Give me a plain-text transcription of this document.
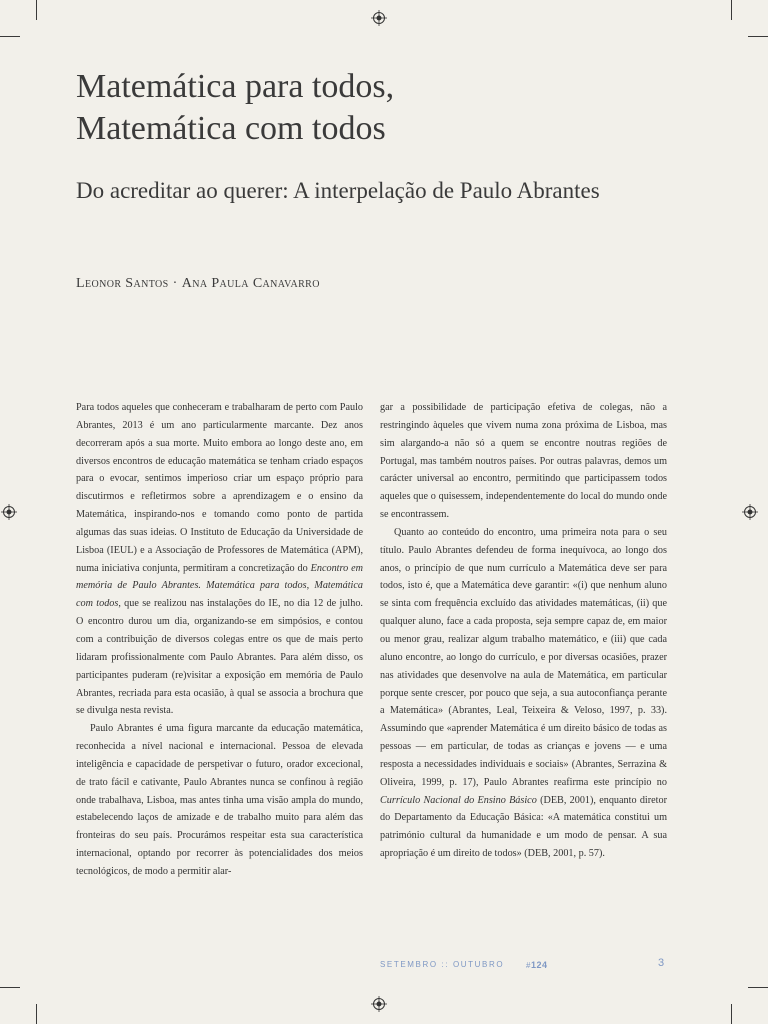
Matemática para todos,
Matemática com todos
Do acreditar ao querer: A interpelação de Paulo Abrantes
Leonor Santos · Ana Paula Canavarro

Para todos aqueles que conheceram e trabalharam de perto com Paulo Abrantes, 2013 é um ano particularmente marcante. Dez anos decorreram após a sua morte. Muito embora ao longo deste ano, em diversos encontros de educação matemática se tenham criado espaços para o evocar, sentimos imperioso criar um espaço próprio para discutirmos e refletirmos sobre a aprendizagem e o ensino da Matemática, inspirando-nos e tomando como ponto de partida algumas das suas ideias. O Instituto de Educação da Universidade de Lisboa (IEUL) e a Associação de Professores de Matemática (APM), numa iniciativa conjunta, permitiram a concretização do Encontro em memória de Paulo Abrantes. Matemática para todos, Matemática com todos, que se realizou nas instalações do IE, no dia 12 de julho. O encontro durou um dia, organizando-se em simpósios, e contou com a contribuição de diversos colegas entre os que de mais perto lidaram profissionalmente com Paulo Abrantes. Para além disso, os participantes puderam (re)visitar a exposição em memória de Paulo Abrantes, recriada para esta ocasião, à qual se associa a brochura que se divulga nesta revista.

Paulo Abrantes é uma figura marcante da educação matemática, reconhecida a nível nacional e internacional. Pessoa de elevada inteligência e capacidade de perspetivar o futuro, orador excecional, de trato fácil e cativante, Paulo Abrantes nunca se confinou à região onde trabalhava, Lisboa, mas antes tinha uma visão ampla do mundo, estabelecendo laços de amizade e de trabalho muito para além das fronteiras do seu país. Procurámos respeitar esta sua característica internacional, optando por recorrer às potencialidades dos meios tecnológicos, de modo a permitir alar-

gar a possibilidade de participação efetiva de colegas, não a restringindo àqueles que vivem numa zona próxima de Lisboa, mas sim alargando-a não só a quem se encontre noutras regiões de Portugal, mas também noutros países. Por outras palavras, demos um carácter universal ao encontro, permitindo que participassem todos aqueles que o quisessem, independentemente do local do mundo onde se encontrassem.

Quanto ao conteúdo do encontro, uma primeira nota para o seu título. Paulo Abrantes defendeu de forma inequívoca, ao longo dos anos, o princípio de que num currículo a Matemática deve ser para todos, isto é, que a Matemática deve garantir: «(i) que nenhum aluno se sinta com frequência excluído das atividades matemáticas, (ii) que qualquer aluno, face a cada proposta, seja sempre capaz de, em maior ou menor grau, realizar algum trabalho matemático, e (iii) que cada aluno encontre, ao longo do currículo, e por diversas ocasiões, prazer nas atividades que desenvolve na aula de Matemática, em particular porque sente crescer, por pouco que seja, a sua autoconfiança perante a Matemática» (Abrantes, Leal, Teixeira & Veloso, 1997, p. 33). Assumindo que «aprender Matemática é um direito básico de todas as pessoas — em particular, de todas as crianças e jovens — e uma resposta a necessidades individuais e sociais» (Abrantes, Serrazina & Oliveira, 1999, p. 17), Paulo Abrantes reafirma este princípio no Currículo Nacional do Ensino Básico (DEB, 2001), enquanto diretor do Departamento da Educação Básica: «A matemática constitui um património cultural da humanidade e um modo de pensar. A sua apropriação é um direito de todos» (DEB, 2001, p. 57).

SETEMBRO :: OUTUBRO	#124	3
